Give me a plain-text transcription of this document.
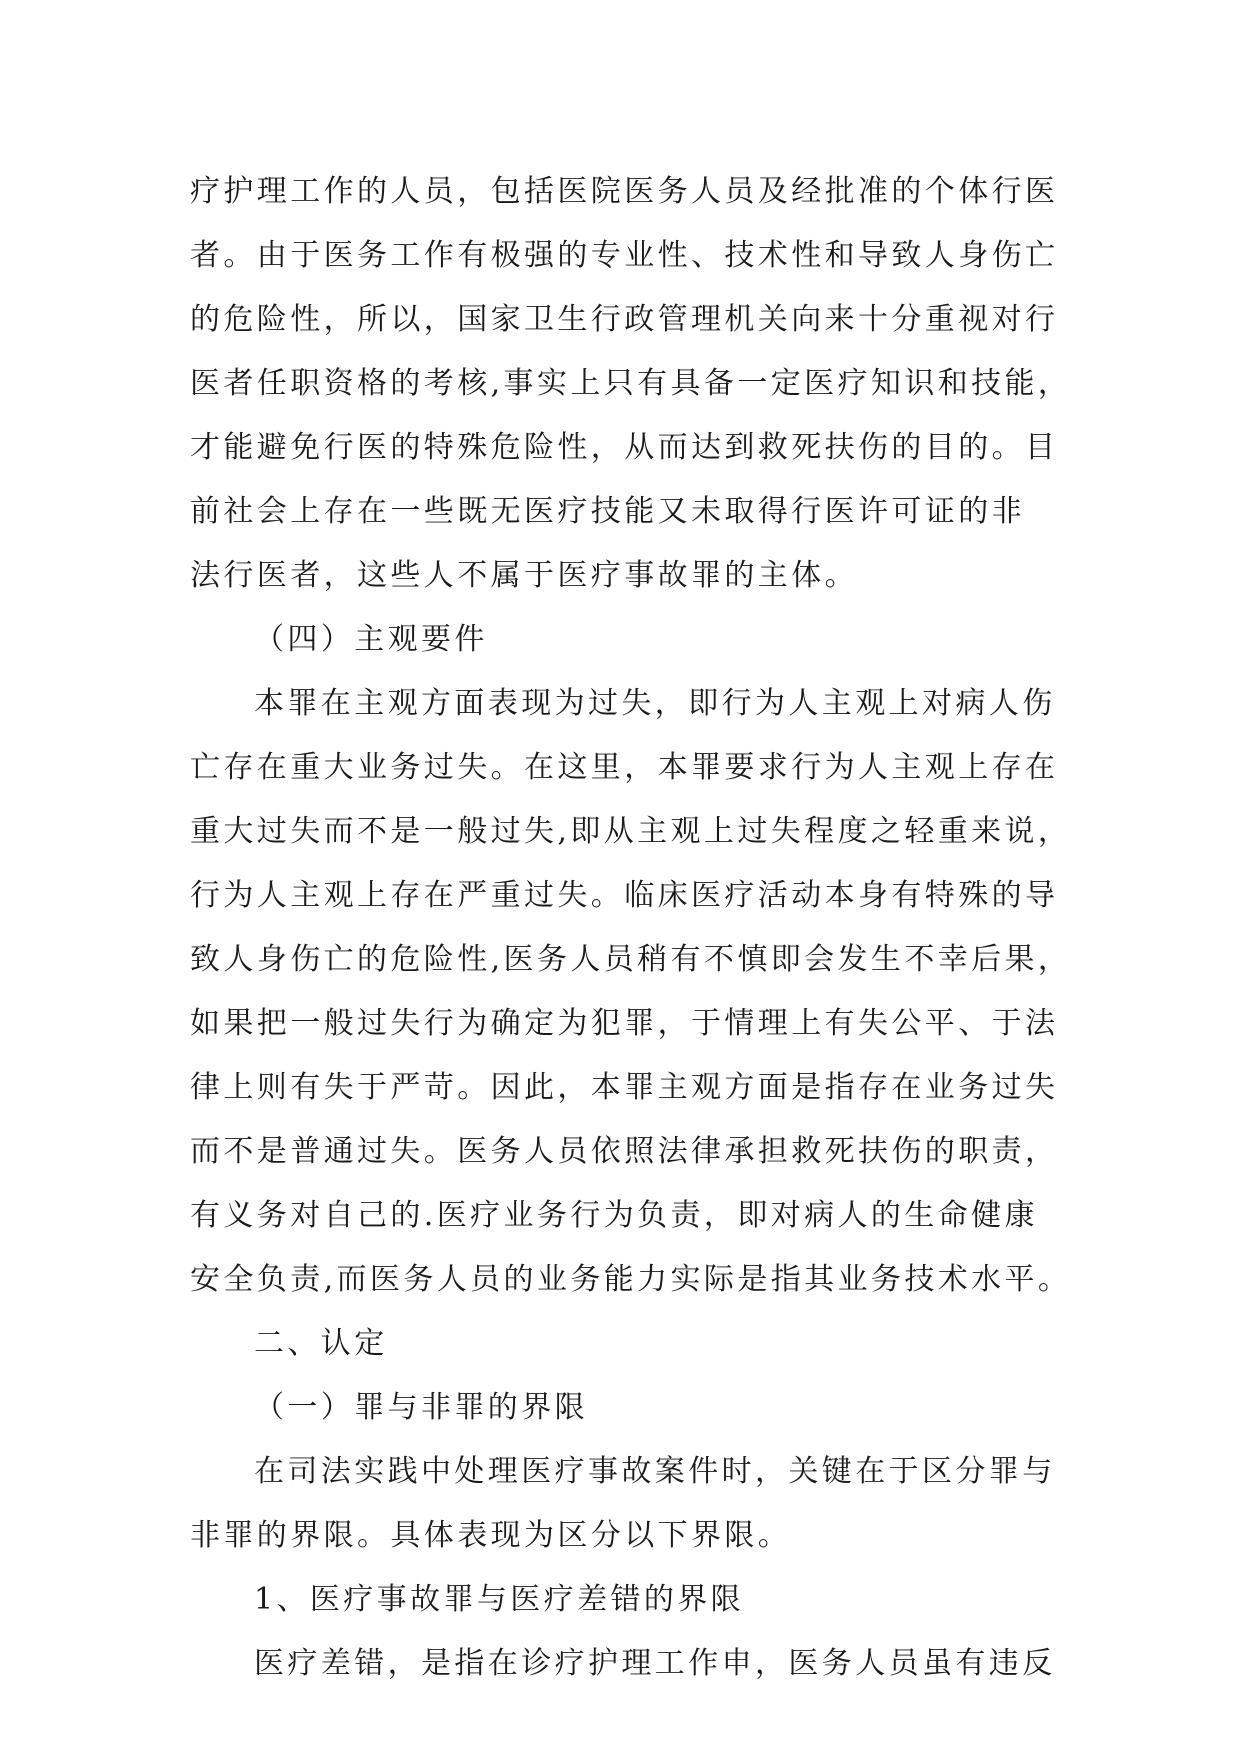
疗护理工作的人员，包括医院医务人员及经批准的个体行医
者。由于医务工作有极强的专业性、技术性和导致人身伤亡
的危险性，所以，国家卫生行政管理机关向来十分重视对行
医者任职资格的考核,事实上只有具备一定医疗知识和技能，
才能避免行医的特殊危险性，从而达到救死扶伤的目的。目
前社会上存在一些既无医疗技能又未取得行医许可证的非
法行医者，这些人不属于医疗事故罪的主体。
（四）主观要件
本罪在主观方面表现为过失，即行为人主观上对病人伤
亡存在重大业务过失。在这里，本罪要求行为人主观上存在
重大过失而不是一般过失,即从主观上过失程度之轻重来说，
行为人主观上存在严重过失。临床医疗活动本身有特殊的导
致人身伤亡的危险性,医务人员稍有不慎即会发生不幸后果，
如果把一般过失行为确定为犯罪，于情理上有失公平、于法
律上则有失于严苛。因此，本罪主观方面是指存在业务过失
而不是普通过失。医务人员依照法律承担救死扶伤的职责，
有义务对自己的.医疗业务行为负责，即对病人的生命健康
安全负责,而医务人员的业务能力实际是指其业务技术水平。
二、认定
（一）罪与非罪的界限
在司法实践中处理医疗事故案件时，关键在于区分罪与
非罪的界限。具体表现为区分以下界限。
1、医疗事故罪与医疗差错的界限
医疗差错，是指在诊疗护理工作申，医务人员虽有违反
